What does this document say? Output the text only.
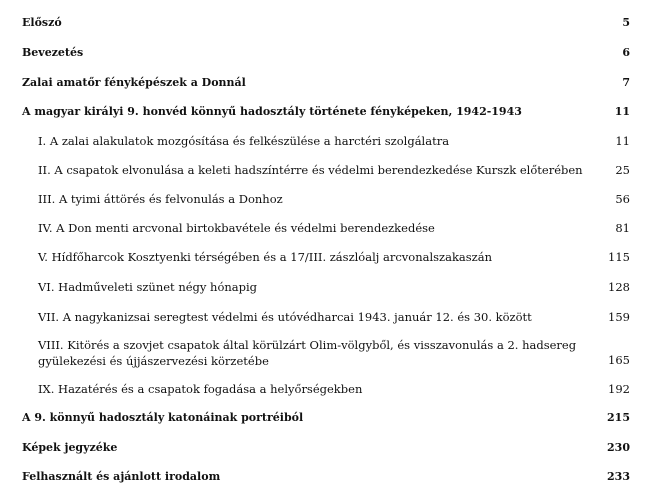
Előszó	5
Bevezetés	6
Zalai amatőr fényképészek a Donnál	7
A magyar királyi 9. honvéd könnyű hadosztály története fényképeken, 1942-1943	11
I. A zalai alakulatok mozgósítása és felkészülése a harctéri szolgálatra	11
II. A csapatok elvonulása a keleti hadszíntérre és védelmi berendezkedése Kurszk előterében	25
III. A tyimi áttörés és felvonulás a Donhoz	56
IV. A Don menti arcvonal birtokbavétele és védelmi berendezkedése	81
V. Hídfőharcok Kosztyenki térségében és a 17/III. zászlóalj arcvonalszakaszán	115
VI. Hadműveleti szünet négy hónapig	128
VII. A nagykanizsai seregtest védelmi és utóvédharcai 1943. január 12. és 30. között	159
VIII. Kitörés a szovjet csapatok által körülzárt Olim-völgyből, és visszavonulás a 2. hadsereg gyülekezési és újjászervezési körzetébe	165
IX. Hazatérés és a csapatok fogadása a helyőrségekben	192
A 9. könnyű hadosztály katonáinak portréiból	215
Képek jegyzéke	230
Felhasznált és ajánlott irodalom	233
